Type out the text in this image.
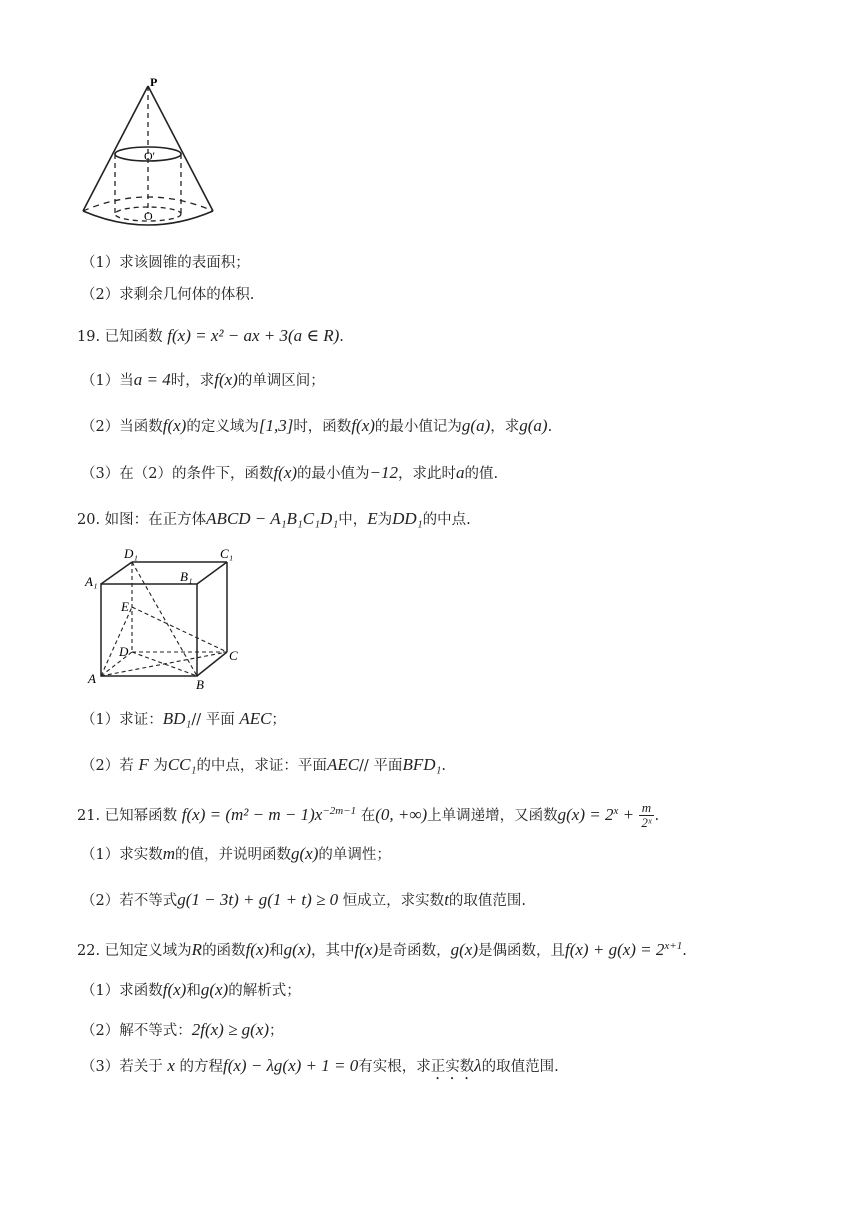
P
O'
O
（1）求该圆锥的表面积；
（2）求剩余几何体的体积.
19. 已知函数 f(x) = x² − ax + 3(a ∈ R).
（1）当a = 4时，求f(x)的单调区间；
（2）当函数f(x)的定义域为[1,3]时，函数f(x)的最小值记为g(a)，求g(a).
（3）在（2）的条件下，函数f(x)的最小值为−12，求此时a的值.
20. 如图：在正方体ABCD − A₁B₁C₁D₁中，E为DD₁的中点.
D₁	C₁
A₁	B₁
E
D	C
A	B
（1）求证：BD₁// 平面 AEC；
（2）若 F 为CC₁的中点，求证：平面AEC// 平面BFD₁.
21. 已知幂函数 $f(x) = (m^2 - m - 1)x^{-2m-1}$ 在(0, +∞)上单调递增，又函数$g(x) = 2^x + \frac{m}{\text{2ˣ}}$ .
（1）求实数m的值，并说明函数g(x)的单调性；
（2）若不等式g(1 − 3t) + g(1 + t) ≥ 0 恒成立，求实数t的取值范围.
22. 已知定义域为R的函数f(x)和g(x)，其中f(x)是奇函数，g(x)是偶函数，且$f(x) + g(x) = 2^{x+1}$.
（1）求函数f(x)和g(x)的解析式；
（2）解不等式：2f(x) ≥ g(x)；
（3）若关于 x 的方程f(x) − λg(x) + 1 = 0有实根，求正实数λ的取值范围.
